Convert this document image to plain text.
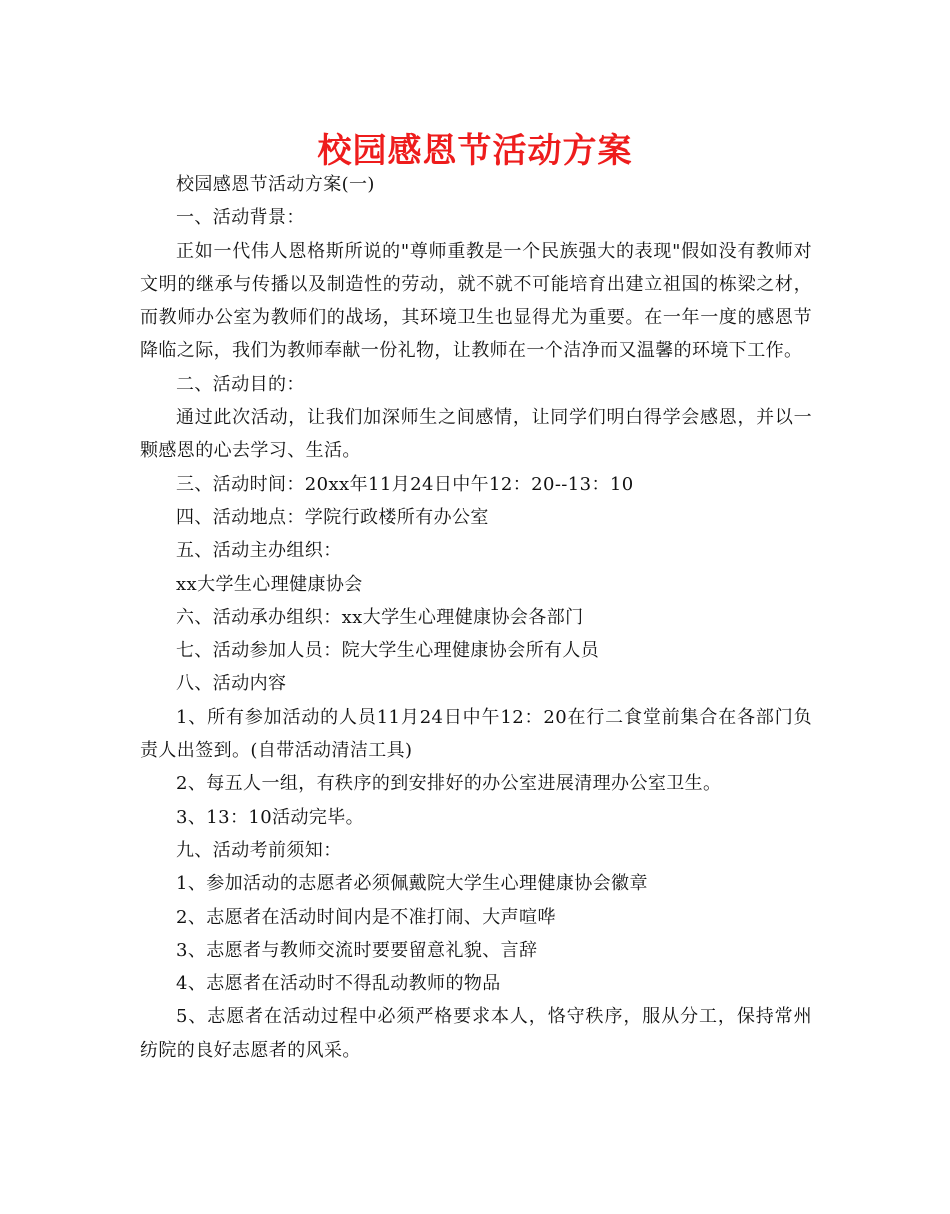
校园感恩节活动方案

校园感恩节活动方案(一)

一、活动背景：

正如一代伟人恩格斯所说的"尊师重教是一个民族强大的表现"假如没有教师对文明的继承与传播以及制造性的劳动，就不就不可能培育出建立祖国的栋梁之材，而教师办公室为教师们的战场，其环境卫生也显得尤为重要。在一年一度的感恩节降临之际，我们为教师奉献一份礼物，让教师在一个洁净而又温馨的环境下工作。

二、活动目的：

通过此次活动，让我们加深师生之间感情，让同学们明白得学会感恩，并以一颗感恩的心去学习、生活。

三、活动时间：20xx年11月24日中午12：20--13：10

四、活动地点：学院行政楼所有办公室

五、活动主办组织：

xx大学生心理健康协会

六、活动承办组织：xx大学生心理健康协会各部门

七、活动参加人员：院大学生心理健康协会所有人员

八、活动内容

1、所有参加活动的人员11月24日中午12：20在行二食堂前集合在各部门负责人出签到。(自带活动清洁工具)

2、每五人一组，有秩序的到安排好的办公室进展清理办公室卫生。

3、13：10活动完毕。

九、活动考前须知：

1、参加活动的志愿者必须佩戴院大学生心理健康协会徽章

2、志愿者在活动时间内是不准打闹、大声喧哗

3、志愿者与教师交流时要要留意礼貌、言辞

4、志愿者在活动时不得乱动教师的物品

5、志愿者在活动过程中必须严格要求本人，恪守秩序，服从分工，保持常州纺院的良好志愿者的风采。
